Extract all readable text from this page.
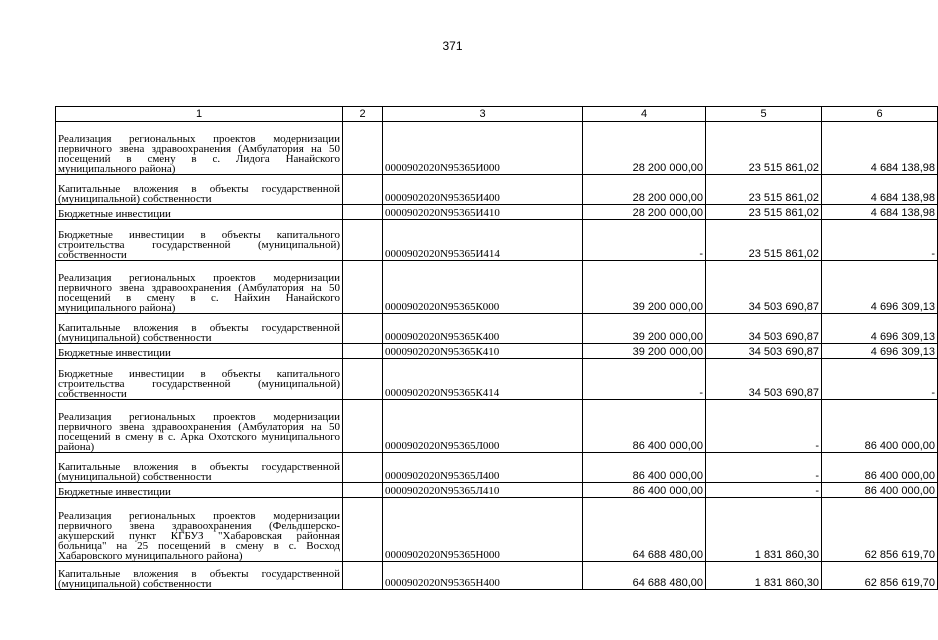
371
1	2	3	4	5	6
Реализация региональных проектов модернизации первичного звена здравоохранения (Амбулатория на 50 посещений в смену в с. Лидога Нанайского муниципального района)		0000902020N95365И000	28 200 000,00	23 515 861,02	4 684 138,98
Капитальные вложения в объекты государственной (муниципальной) собственности		0000902020N95365И400	28 200 000,00	23 515 861,02	4 684 138,98
Бюджетные инвестиции		0000902020N95365И410	28 200 000,00	23 515 861,02	4 684 138,98
Бюджетные инвестиции в объекты капитального строительства государственной (муниципальной) собственности		0000902020N95365И414	-	23 515 861,02	-
Реализация региональных проектов модернизации первичного звена здравоохранения (Амбулатория на 50 посещений в смену в с. Найхин Нанайского муниципального района)		0000902020N95365К000	39 200 000,00	34 503 690,87	4 696 309,13
Капитальные вложения в объекты государственной (муниципальной) собственности		0000902020N95365К400	39 200 000,00	34 503 690,87	4 696 309,13
Бюджетные инвестиции		0000902020N95365К410	39 200 000,00	34 503 690,87	4 696 309,13
Бюджетные инвестиции в объекты капитального строительства государственной (муниципальной) собственности		0000902020N95365К414	-	34 503 690,87	-
Реализация региональных проектов модернизации первичного звена здравоохранения (Амбулатория на 50 посещений в смену в с. Арка Охотского муниципального района)		0000902020N95365Л000	86 400 000,00	-	86 400 000,00
Капитальные вложения в объекты государственной (муниципальной) собственности		0000902020N95365Л400	86 400 000,00	-	86 400 000,00
Бюджетные инвестиции		0000902020N95365Л410	86 400 000,00	-	86 400 000,00
Реализация региональных проектов модернизации первичного звена здравоохранения (Фельдшерско-акушерский пункт КГБУЗ "Хабаровская районная больница" на 25 посещений в смену в с. Восход Хабаровского муниципального района)		0000902020N95365Н000	64 688 480,00	1 831 860,30	62 856 619,70
Капитальные вложения в объекты государственной (муниципальной) собственности		0000902020N95365Н400	64 688 480,00	1 831 860,30	62 856 619,70
